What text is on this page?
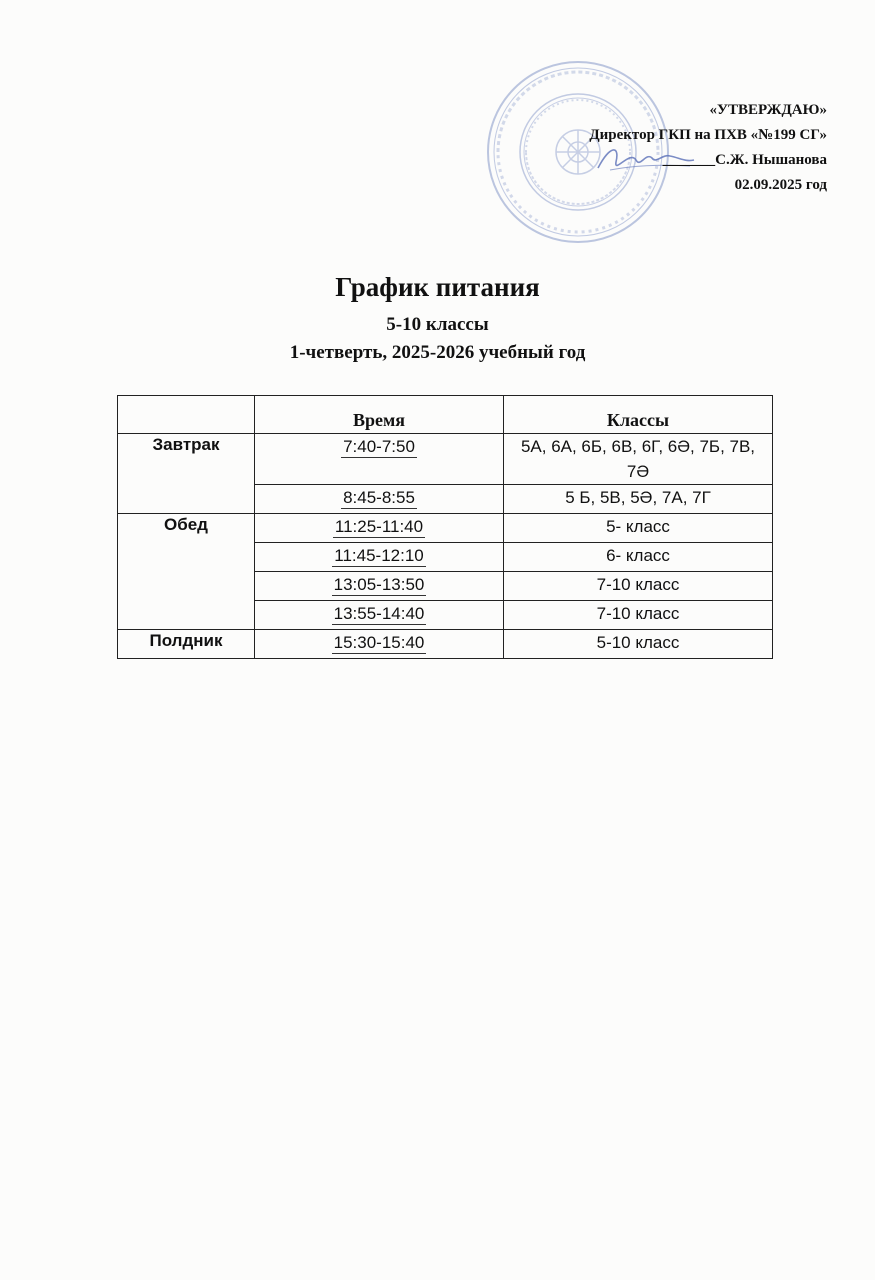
«УТВЕРЖДАЮ»
Директор ГКП на ПХВ «№199 СГ»
_______С.Ж. Нышанова
02.09.2025 год
График питания
5-10 классы
1-четверть, 2025-2026 учебный год
	Время	Классы
Завтрак	7:40-7:50	5А, 6А, 6Б, 6В, 6Г, 6Ә, 7Б, 7В, 7Ә
	8:45-8:55	5 Б, 5В, 5Ә, 7А, 7Г
Обед	11:25-11:40	5- класс
	11:45-12:10	6- класс
	13:05-13:50	7-10 класс
	13:55-14:40	7-10 класс
Полдник	15:30-15:40	5-10 класс
